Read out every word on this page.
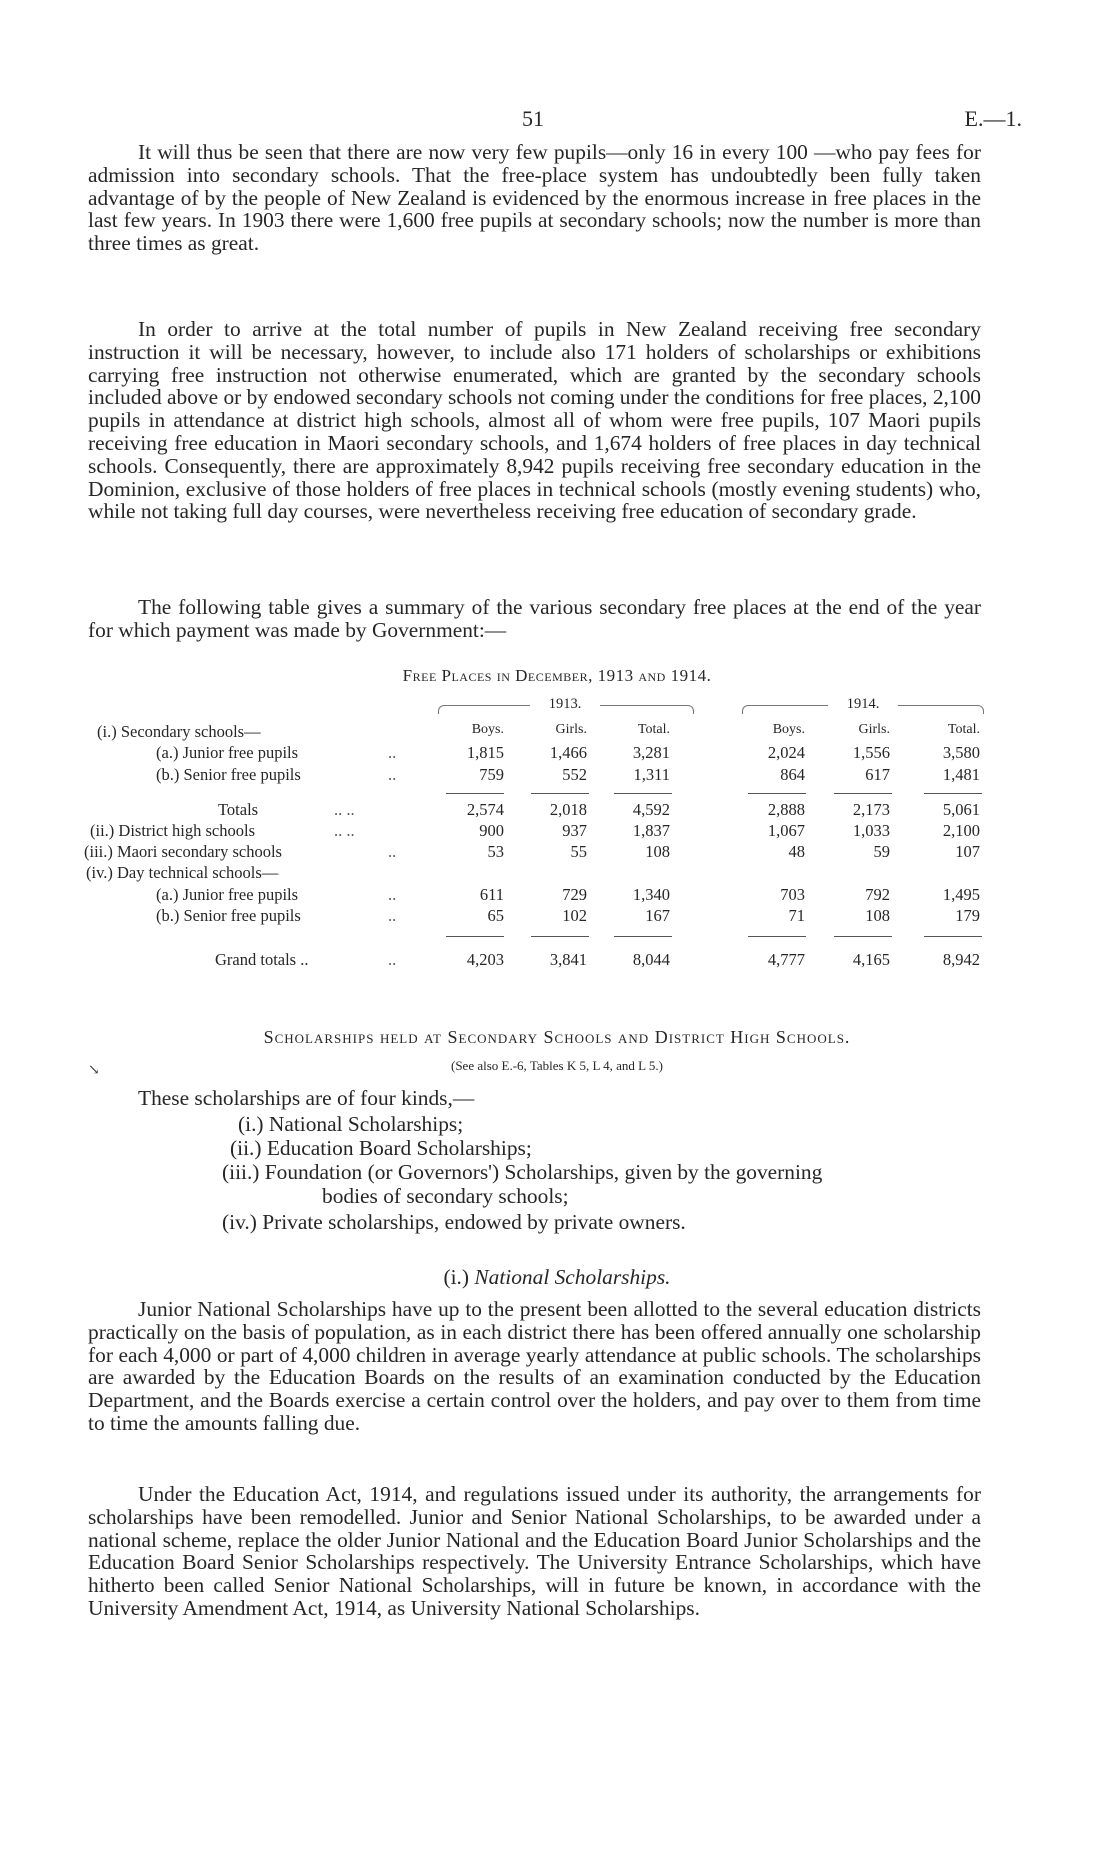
51	E.—1.

It will thus be seen that there are now very few pupils—only 16 in every 100 —who pay fees for admission into secondary schools. That the free-place system has undoubtedly been fully taken advantage of by the people of New Zealand is evidenced by the enormous increase in free places in the last few years. In 1903 there were 1,600 free pupils at secondary schools; now the number is more than three times as great.

In order to arrive at the total number of pupils in New Zealand receiving free secondary instruction it will be necessary, however, to include also 171 holders of scholarships or exhibitions carrying free instruction not otherwise enumerated, which are granted by the secondary schools included above or by endowed secondary schools not coming under the conditions for free places, 2,100 pupils in attendance at district high schools, almost all of whom were free pupils, 107 Maori pupils receiving free education in Maori secondary schools, and 1,674 holders of free places in day technical schools. Consequently, there are approximately 8,942 pupils receiving free secondary education in the Dominion, exclusive of those holders of free places in technical schools (mostly evening students) who, while not taking full day courses, were nevertheless receiving free education of secondary grade.

The following table gives a summary of the various secondary free places at the end of the year for which payment was made by Government:—

Free Places in December, 1913 and 1914.
1913.	1914.
(i.) Secondary schools—	Boys.	Girls.	Total.	Boys.	Girls.	Total.
(a.) Junior free pupils	..	1,815	1,466	3,281	2,024	1,556	3,580
(b.) Senior free pupils	..	759	552	1,311	864	617	1,481
Totals	.. ..	2,574	2,018	4,592	2,888	2,173	5,061
(ii.) District high schools	.. ..	900	937	1,837	1,067	1,033	2,100
(iii.) Maori secondary schools	..	53	55	108	48	59	107
(iv.) Day technical schools—
(a.) Junior free pupils	..	611	729	1,340	703	792	1,495
(b.) Senior free pupils	..	65	102	167	71	108	179
Grand totals ..	..	4,203	3,841	8,044	4,777	4,165	8,942
Scholarships held at Secondary Schools and District High Schools.
(See also E.-6, Tables K 5, L 4, and L 5.)
↘
These scholarships are of four kinds,—
(i.) National Scholarships;
(ii.) Education Board Scholarships;
(iii.) Foundation (or Governors') Scholarships, given by the governing
bodies of secondary schools;
(iv.) Private scholarships, endowed by private owners.
(i.) National Scholarships.

Junior National Scholarships have up to the present been allotted to the several education districts practically on the basis of population, as in each district there has been offered annually one scholarship for each 4,000 or part of 4,000 children in average yearly attendance at public schools. The scholarships are awarded by the Education Boards on the results of an examination conducted by the Education Department, and the Boards exercise a certain control over the holders, and pay over to them from time to time the amounts falling due.

Under the Education Act, 1914, and regulations issued under its authority, the arrangements for scholarships have been remodelled. Junior and Senior National Scholarships, to be awarded under a national scheme, replace the older Junior National and the Education Board Junior Scholarships and the Education Board Senior Scholarships respectively. The University Entrance Scholarships, which have hitherto been called Senior National Scholarships, will in future be known, in accordance with the University Amendment Act, 1914, as University National Scholarships.
